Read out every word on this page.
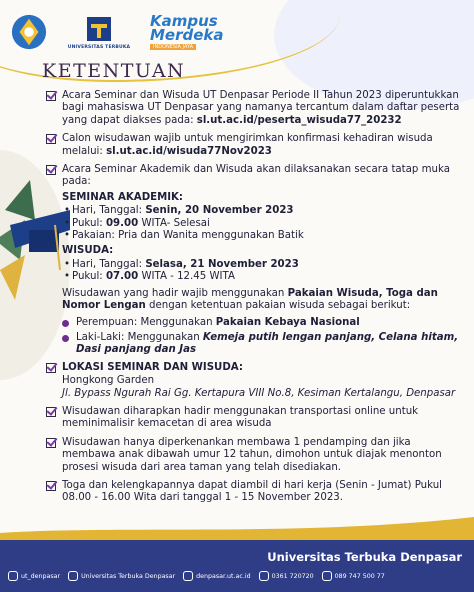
UNIVERSITAS TERBUKA
Kampus
Merdeka
INDONESIA JAYA
KETENTUAN
Acara Seminar dan Wisuda UT Denpasar Periode II Tahun 2023 diperuntukkan bagi mahasiswa UT Denpasar yang namanya tercantum dalam daftar peserta yang dapat diakses pada: sl.ut.ac.id/peserta_wisuda77_20232
Calon wisudawan wajib untuk mengirimkan konfirmasi kehadiran wisuda melalui: sl.ut.ac.id/wisuda77Nov2023
Acara Seminar Akademik dan Wisuda akan dilaksanakan secara tatap muka pada:
SEMINAR AKADEMIK:
• Hari, Tanggal: Senin, 20 November 2023
• Pukul: 09.00 WITA- Selesai
• Pakaian: Pria dan Wanita menggunakan Batik
WISUDA:
• Hari, Tanggal: Selasa, 21 November 2023
• Pukul: 07.00 WITA - 12.45 WITA
Wisudawan yang hadir wajib menggunakan Pakaian Wisuda, Toga dan Nomor Lengan dengan ketentuan pakaian wisuda sebagai berikut:
Perempuan: Menggunakan Pakaian Kebaya Nasional
Laki-Laki: Menggunakan Kemeja putih lengan panjang, Celana hitam, Dasi panjang dan Jas
LOKASI SEMINAR DAN WISUDA:
Hongkong Garden
Jl. Bypass Ngurah Rai Gg. Kertapura VIII No.8, Kesiman Kertalangu, Denpasar
Wisudawan diharapkan hadir menggunakan transportasi online untuk meminimalisir kemacetan di area wisuda
Wisudawan hanya diperkenankan membawa 1 pendamping dan jika membawa anak dibawah umur 12 tahun, dimohon untuk diajak menonton prosesi wisuda dari area taman yang telah disediakan.
Toga dan kelengkapannya dapat diambil di hari kerja (Senin - Jumat) Pukul 08.00 - 16.00 Wita dari tanggal 1 - 15 November 2023.
Universitas Terbuka Denpasar
ut_denpasar	Universitas Terbuka Denpasar	denpasar.ut.ac.id	0361 720720	089 747 500 77
